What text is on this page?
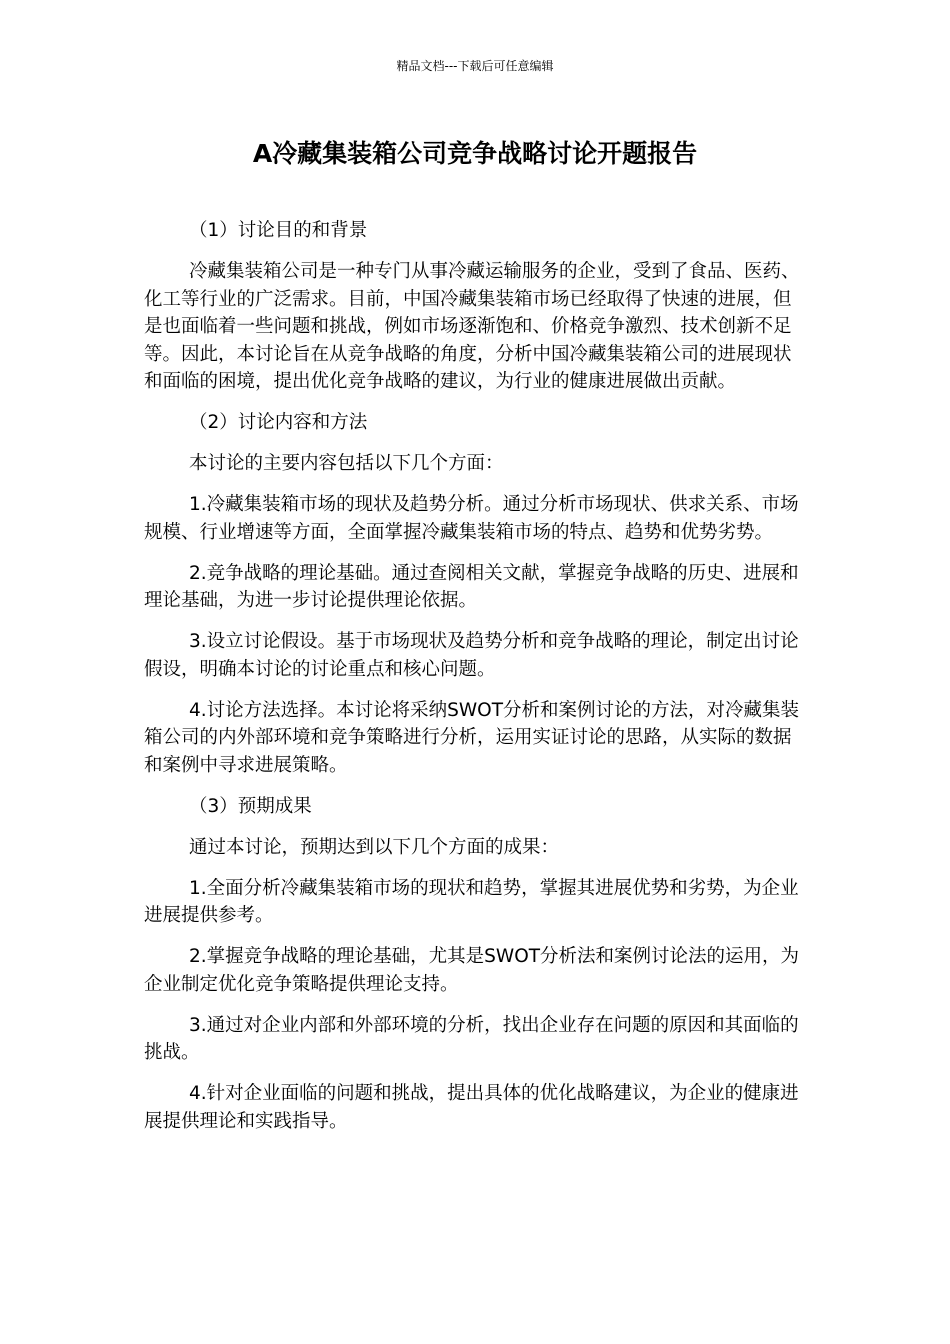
精品文档---下载后可任意编辑
A冷藏集装箱公司竞争战略讨论开题报告

（1）讨论目的和背景

冷藏集装箱公司是一种专门从事冷藏运输服务的企业，受到了食品、医药、化工等行业的广泛需求。目前，中国冷藏集装箱市场已经取得了快速的进展，但是也面临着一些问题和挑战，例如市场逐渐饱和、价格竞争激烈、技术创新不足等。因此，本讨论旨在从竞争战略的角度，分析中国冷藏集装箱公司的进展现状和面临的困境，提出优化竞争战略的建议，为行业的健康进展做出贡献。

（2）讨论内容和方法

本讨论的主要内容包括以下几个方面：

1.冷藏集装箱市场的现状及趋势分析。通过分析市场现状、供求关系、市场规模、行业增速等方面，全面掌握冷藏集装箱市场的特点、趋势和优势劣势。

2.竞争战略的理论基础。通过查阅相关文献，掌握竞争战略的历史、进展和理论基础，为进一步讨论提供理论依据。

3.设立讨论假设。基于市场现状及趋势分析和竞争战略的理论，制定出讨论假设，明确本讨论的讨论重点和核心问题。

4.讨论方法选择。本讨论将采纳SWOT分析和案例讨论的方法，对冷藏集装箱公司的内外部环境和竞争策略进行分析，运用实证讨论的思路，从实际的数据和案例中寻求进展策略。

（3）预期成果

通过本讨论，预期达到以下几个方面的成果：

1.全面分析冷藏集装箱市场的现状和趋势，掌握其进展优势和劣势，为企业进展提供参考。

2.掌握竞争战略的理论基础，尤其是SWOT分析法和案例讨论法的运用，为企业制定优化竞争策略提供理论支持。

3.通过对企业内部和外部环境的分析，找出企业存在问题的原因和其面临的挑战。

4.针对企业面临的问题和挑战，提出具体的优化战略建议，为企业的健康进展提供理论和实践指导。
